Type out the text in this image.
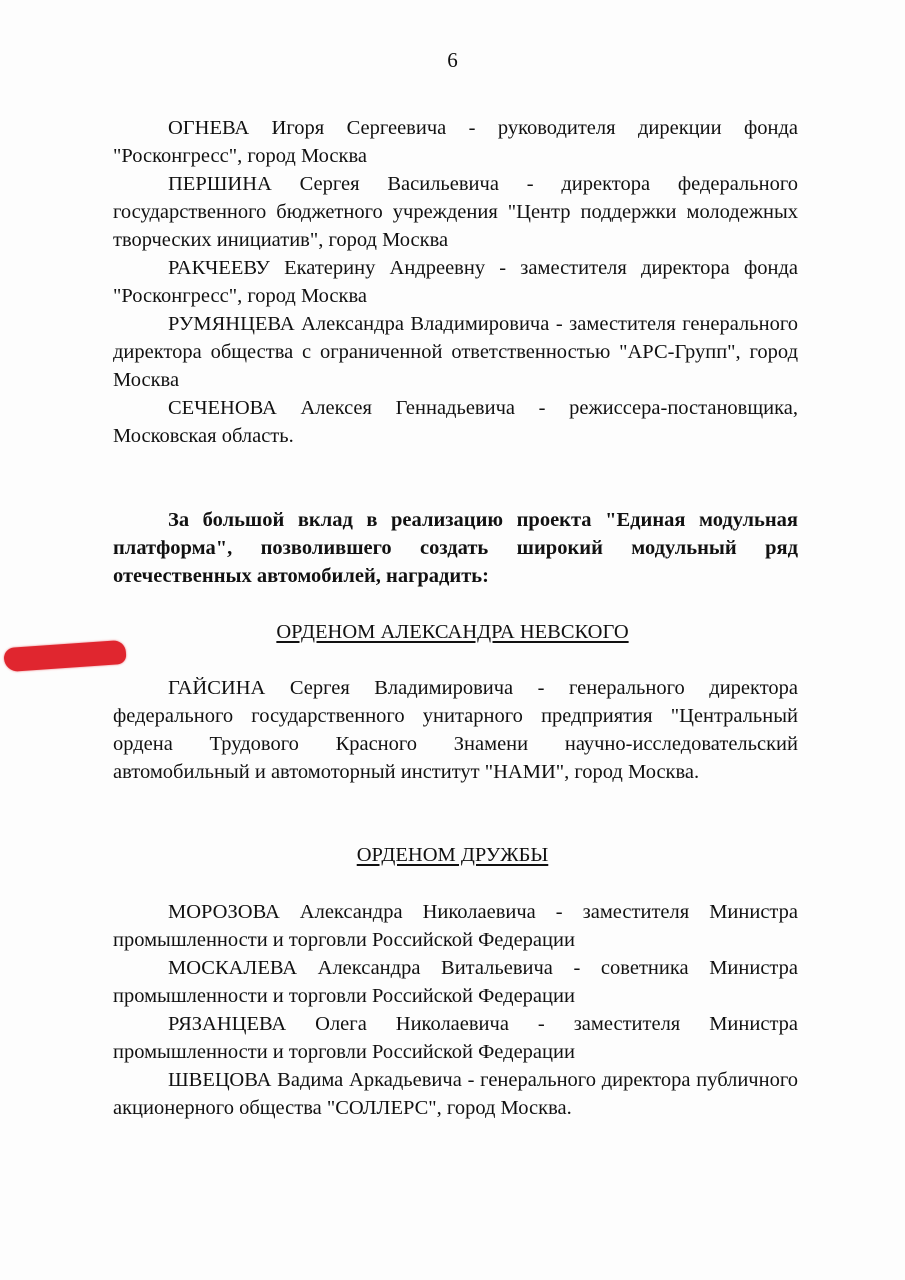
6

ОГНЕВА Игоря Сергеевича - руководителя дирекции фонда "Росконгресс", город Москва

ПЕРШИНА Сергея Васильевича - директора федерального государственного бюджетного учреждения "Центр поддержки молодежных творческих инициатив", город Москва

РАКЧЕЕВУ Екатерину Андреевну - заместителя директора фонда "Росконгресс", город Москва

РУМЯНЦЕВА Александра Владимировича - заместителя генерального директора общества с ограниченной ответственностью "АРС-Групп", город Москва

СЕЧЕНОВА Алексея Геннадьевича - режиссера-постановщика, Московская область.

За большой вклад в реализацию проекта "Единая модульная платформа", позволившего создать широкий модульный ряд отечественных автомобилей, наградить:

ОРДЕНОМ АЛЕКСАНДРА НЕВСКОГО

ГАЙСИНА Сергея Владимировича - генерального директора федерального государственного унитарного предприятия "Центральный ордена Трудового Красного Знамени научно-исследовательский автомобильный и автомоторный институт "НАМИ", город Москва.

ОРДЕНОМ ДРУЖБЫ

МОРОЗОВА Александра Николаевича - заместителя Министра промышленности и торговли Российской Федерации

МОСКАЛЕВА Александра Витальевича - советника Министра промышленности и торговли Российской Федерации

РЯЗАНЦЕВА Олега Николаевича - заместителя Министра промышленности и торговли Российской Федерации

ШВЕЦОВА Вадима Аркадьевича - генерального директора публичного акционерного общества "СОЛЛЕРС", город Москва.
